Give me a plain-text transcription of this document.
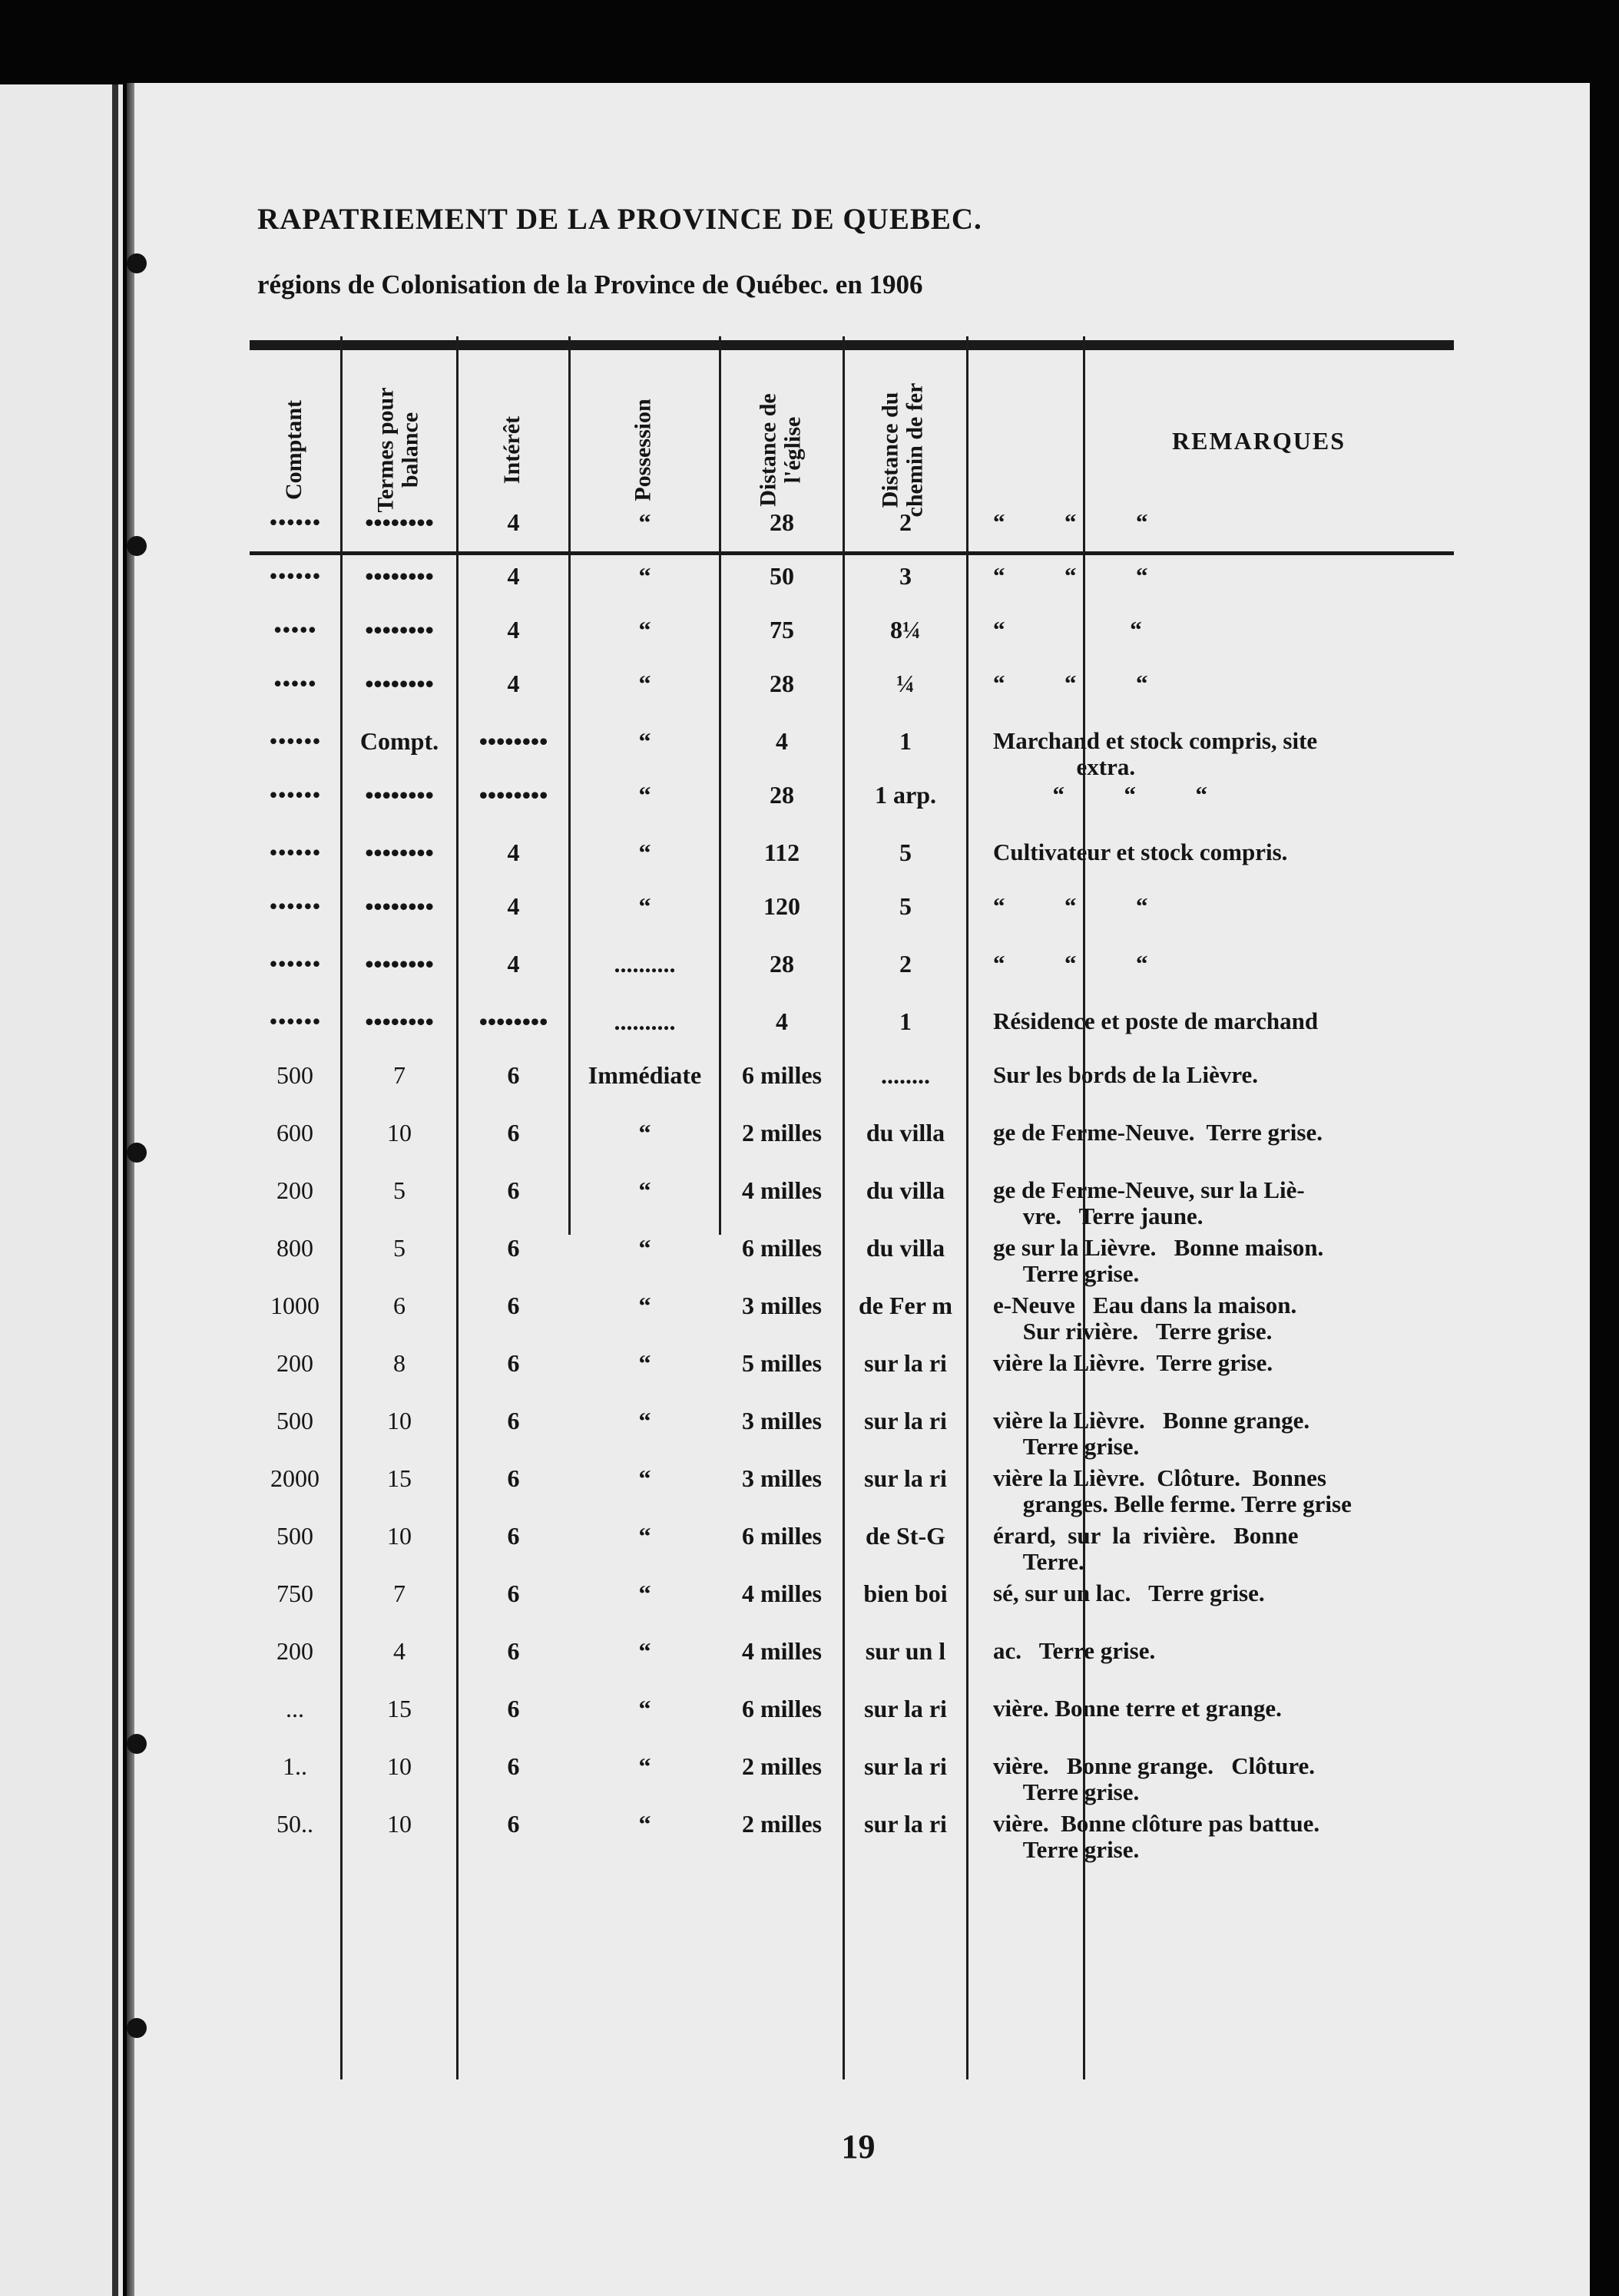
RAPATRIEMENT DE LA PROVINCE DE QUEBEC.
régions de Colonisation de la Province de Québec. en 1906
Comptant	Termes pour
balance	Intérêt	Possession	Distance de
l'église	Distance du
chemin de fer
REMARQUES
••••••	••••••••	4	“	28	2	“          “          “
••••••	••••••••	4	“	50	3	“          “          “
•••••	••••••••	4	“	75	8¼	“                     “
•••••	••••••••	4	“	28	¼	“          “          “
••••••	Compt.	••••••••	“	4	1	Marchand et stock compris, site
extra.
••••••	••••••••	••••••••	“	28	1 arp.	“          “          “
••••••	••••••••	4	“	112	5	Cultivateur et stock compris.
••••••	••••••••	4	“	120	5	“          “          “
••••••	••••••••	4	..........	28	2	“          “          “
••••••	••••••••	••••••••	..........	4	1	Résidence et poste de marchand
500	7	6	Immédiate	6 milles	........	Sur les bords de la Lièvre.
600	10	6	“	2 milles	du villa	ge de Ferme-Neuve.  Terre grise.
200	5	6	“	4 milles	du villa	ge de Ferme-Neuve, sur la Liè-
vre.   Terre jaune.
800	5	6	“	6 milles	du villa	ge sur la Lièvre.   Bonne maison.
Terre grise.
1000	6	6	“	3 milles	de Fer m	e-Neuve   Eau dans la maison.
Sur rivière.   Terre grise.
200	8	6	“	5 milles	sur la ri	vière la Lièvre.  Terre grise.
500	10	6	“	3 milles	sur la ri	vière la Lièvre.   Bonne grange.
Terre grise.
2000	15	6	“	3 milles	sur la ri	vière la Lièvre.  Clôture.  Bonnes
granges. Belle ferme. Terre grise
500	10	6	“	6 milles	de St-G	érard,  sur  la  rivière.   Bonne
Terre.
750	7	6	“	4 milles	bien boi	sé, sur un lac.   Terre grise.
200	4	6	“	4 milles	sur un l	ac.   Terre grise.
...	15	6	“	6 milles	sur la ri	vière. Bonne terre et grange.
1..	10	6	“	2 milles	sur la ri	vière.   Bonne grange.   Clôture.
Terre grise.
50..	10	6	“	2 milles	sur la ri	vière.  Bonne clôture pas battue.
Terre grise.
19
